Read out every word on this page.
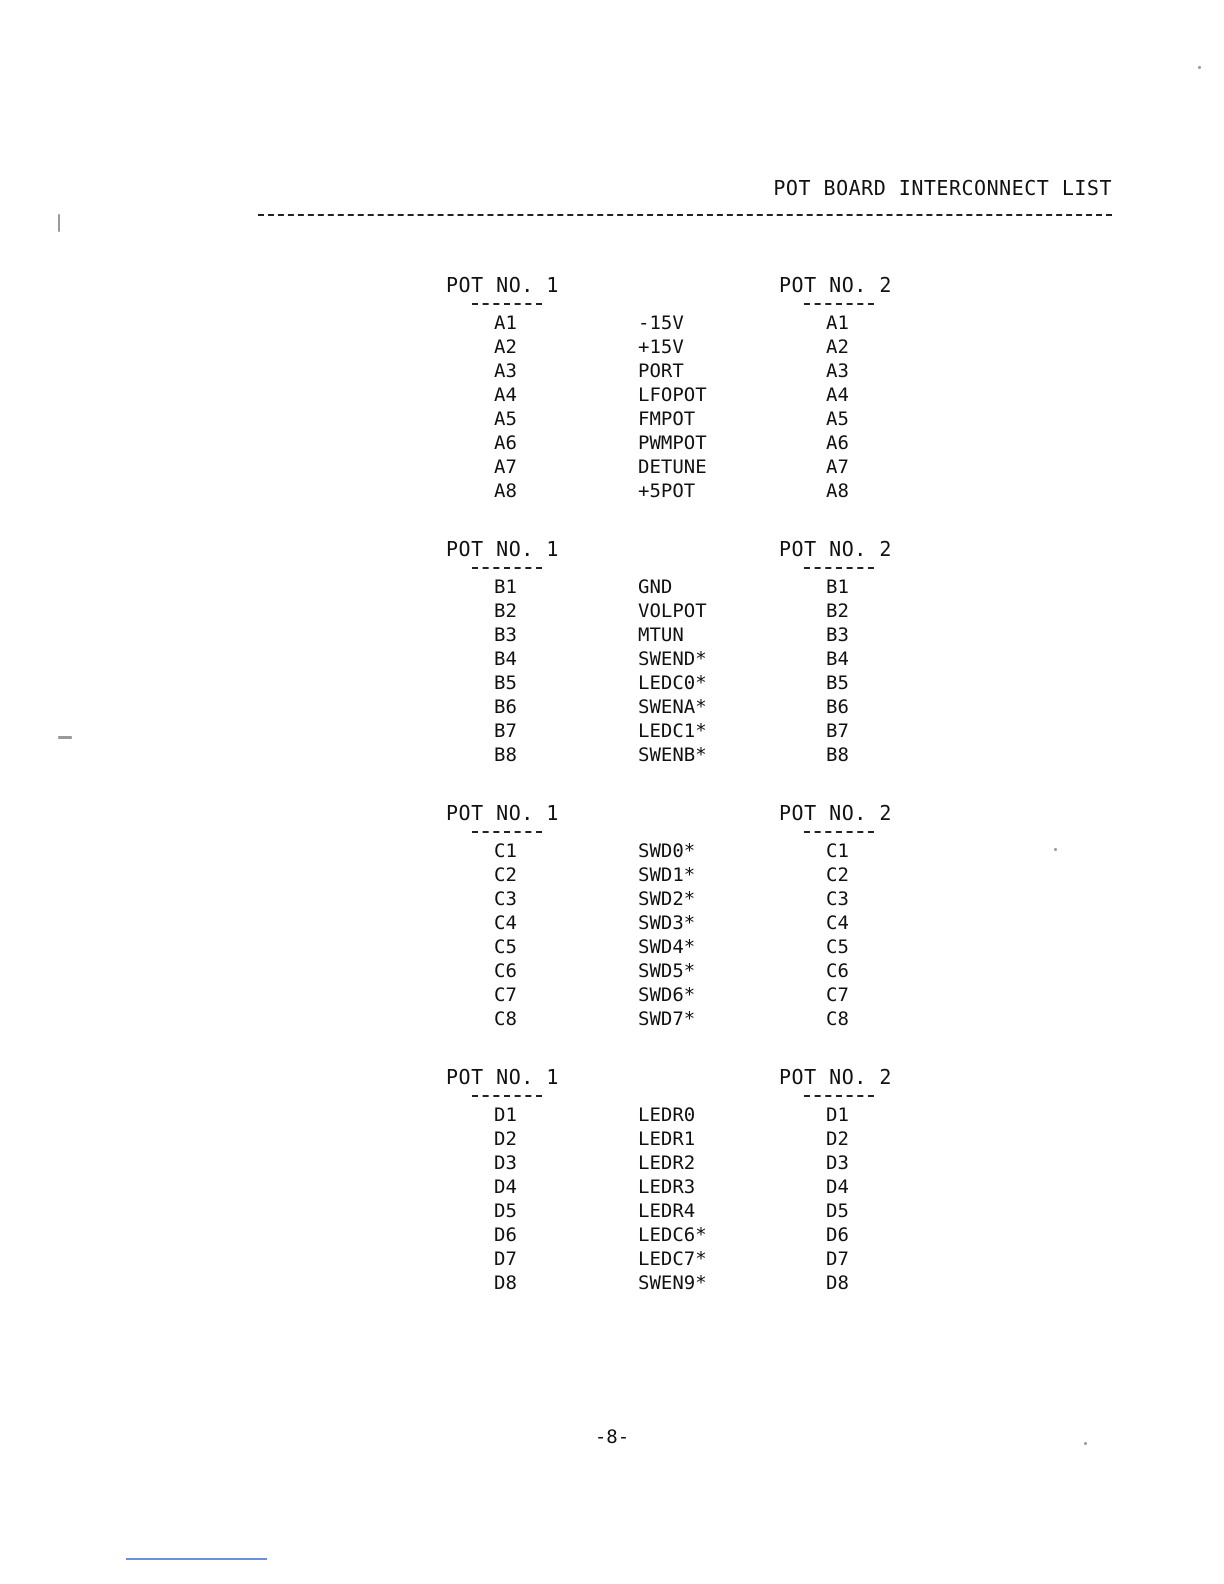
POT BOARD INTERCONNECT LIST
POT NO. 1	POT NO. 2
A1	-15V	A1
A2	+15V	A2
A3	PORT	A3
A4	LFOPOT	A4
A5	FMPOT	A5
A6	PWMPOT	A6
A7	DETUNE	A7
A8	+5POT	A8
POT NO. 1	POT NO. 2
B1	GND	B1
B2	VOLPOT	B2
B3	MTUN	B3
B4	SWEND*	B4
B5	LEDC0*	B5
B6	SWENA*	B6
B7	LEDC1*	B7
B8	SWENB*	B8
POT NO. 1	POT NO. 2
C1	SWD0*	C1
C2	SWD1*	C2
C3	SWD2*	C3
C4	SWD3*	C4
C5	SWD4*	C5
C6	SWD5*	C6
C7	SWD6*	C7
C8	SWD7*	C8
POT NO. 1	POT NO. 2
D1	LEDR0	D1
D2	LEDR1	D2
D3	LEDR2	D3
D4	LEDR3	D4
D5	LEDR4	D5
D6	LEDC6*	D6
D7	LEDC7*	D7
D8	SWEN9*	D8
-8-
